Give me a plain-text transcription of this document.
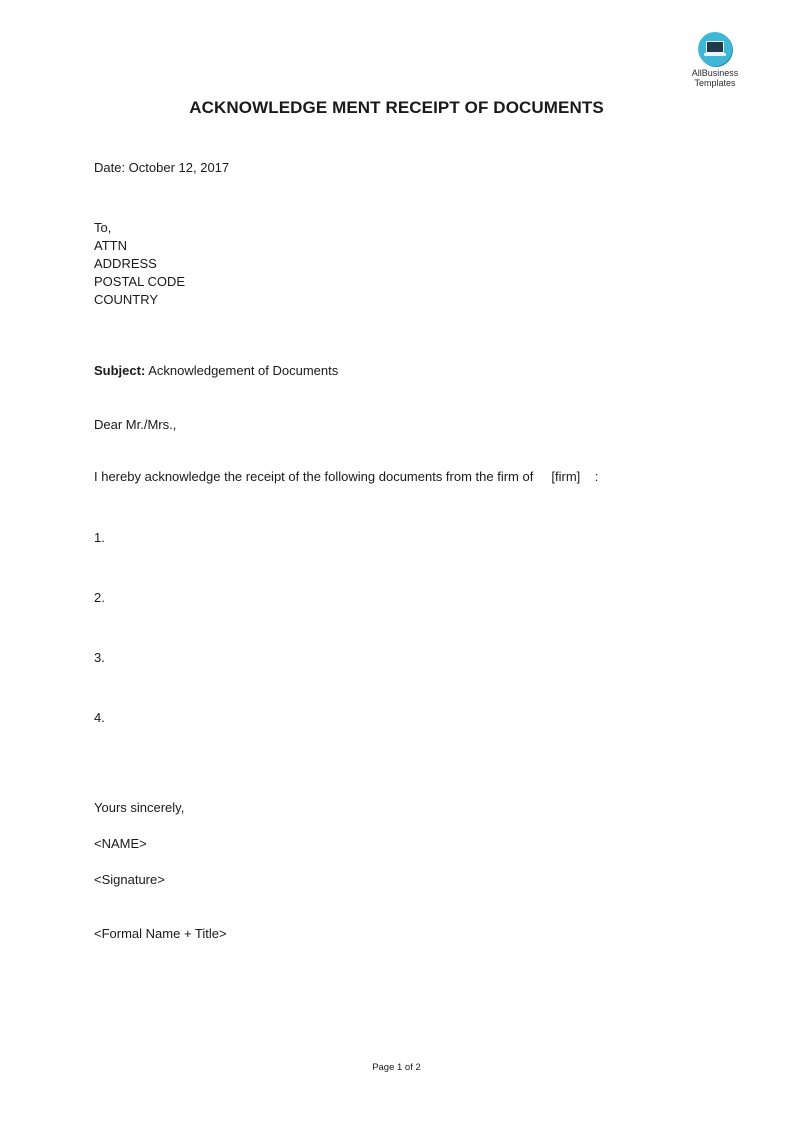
AllBusiness
Templates
ACKNOWLEDGE MENT RECEIPT OF DOCUMENTS
Date: October 12, 2017
To,
ATTN
ADDRESS
POSTAL CODE
COUNTRY
Subject: Acknowledgement of Documents
Dear Mr./Mrs.,
I hereby acknowledge the receipt of the following documents from the firm of     [firm]    :
1.
2.
3.
4.
Yours sincerely,
<NAME>
<Signature>
<Formal Name + Title>
Page 1 of 2
